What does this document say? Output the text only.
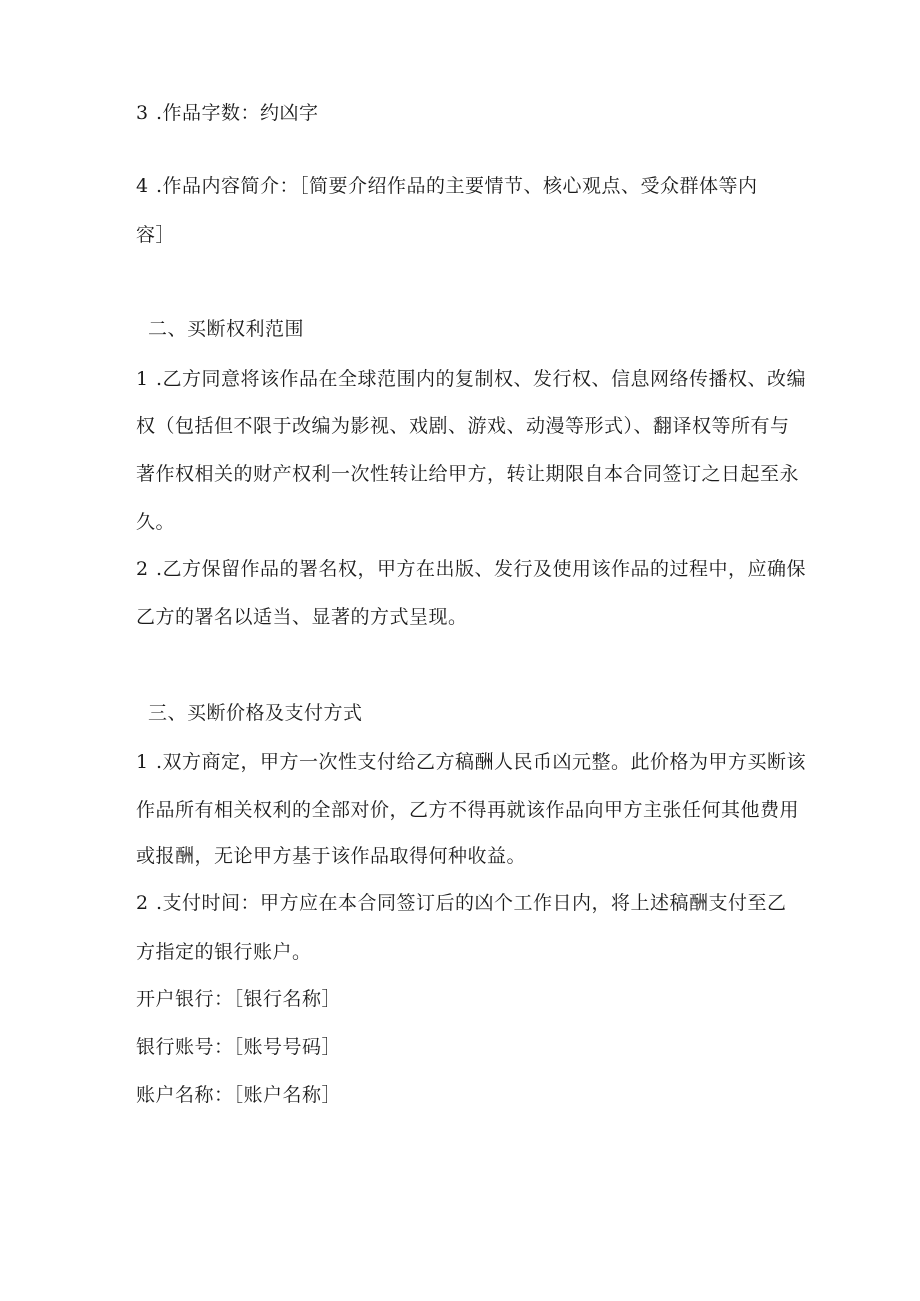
3 .作品字数：约凶字
4 .作品内容简介：［简要介绍作品的主要情节、核心观点、受众群体等内
容］
二、买断权利范围
1 .乙方同意将该作品在全球范围内的复制权、发行权、信息网络传播权、改编
权（包括但不限于改编为影视、戏剧、游戏、动漫等形式）、翻译权等所有与
著作权相关的财产权利一次性转让给甲方，转让期限自本合同签订之日起至永
久。
2 .乙方保留作品的署名权，甲方在出版、发行及使用该作品的过程中，应确保
乙方的署名以适当、显著的方式呈现。
三、买断价格及支付方式
1 .双方商定，甲方一次性支付给乙方稿酬人民币凶元整。此价格为甲方买断该
作品所有相关权利的全部对价，乙方不得再就该作品向甲方主张任何其他费用
或报酬，无论甲方基于该作品取得何种收益。
2 .支付时间：甲方应在本合同签订后的凶个工作日内，将上述稿酬支付至乙
方指定的银行账户。
开户银行：［银行名称］
银行账号：［账号号码］
账户名称：［账户名称］
